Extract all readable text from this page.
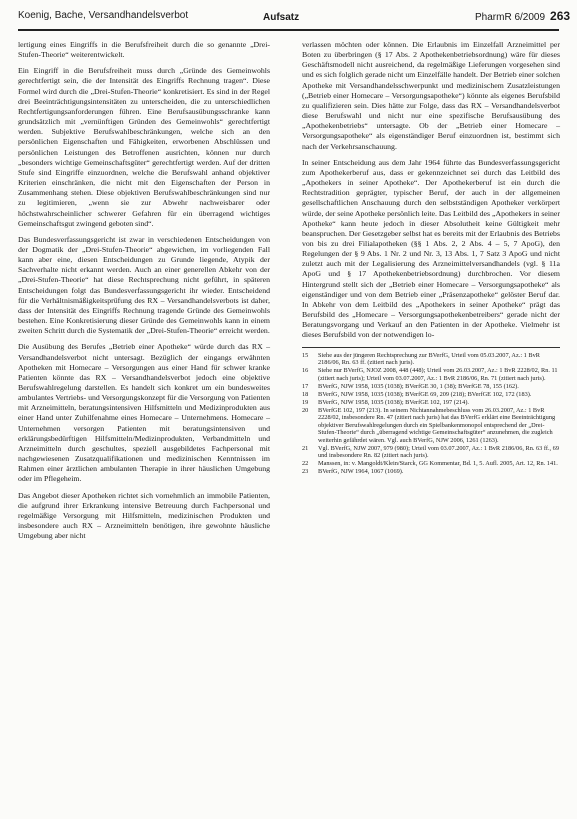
Koenig, Bache, Versandhandelsverbot	Aufsatz	PharmR 6/2009 263

lertigung eines Eingriffs in die Berufsfreiheit durch die so genannte „Drei-Stufen-Theorie“ weiterentwickelt.

Ein Eingriff in die Berufsfreiheit muss durch „Gründe des Gemeinwohls gerechtfertigt sein, die der Intensität des Eingriffs Rechnung tragen“. Diese Formel wird durch die „Drei-Stufen-Theorie“ konkretisiert. Es sind in der Regel drei Beeinträchtigungsintensitäten zu unterscheiden, die zu unterschiedlichen Rechtfertigungsanforderungen führen. Eine Berufsausübungsschranke kann grundsätzlich mit „vernünftigen Gründen des Gemeinwohls“ gerechtfertigt werden. Subjektive Berufswahlbeschränkungen, welche sich an den persönlichen Eigenschaften und Fähigkeiten, erworbenen Abschlüssen und persönlichen Leistungen des Betroffenen ausrichten, können nur durch „besonders wichtige Gemeinschaftsgüter“ gerechtfertigt werden. Auf der dritten Stufe sind Eingriffe einzuordnen, welche die Berufswahl anhand objektiver Kriterien einschränken, die nicht mit den Eigenschaften der Person in Zusammenhang stehen. Diese objektiven Berufswahlbeschränkungen sind nur zu legitimieren, „wenn sie zur Abwehr nachweisbarer oder höchstwahrscheinlicher schwerer Gefahren für ein überragend wichtiges Gemeinschaftsgut zwingend geboten sind“.

Das Bundesverfassungsgericht ist zwar in verschiedenen Entscheidungen von der Dogmatik der „Drei-Stufen-Theorie“ abgewichen, im vorliegenden Fall kann aber eine, diesen Entscheidungen zu Grunde liegende, Atypik der Sachverhalte nicht erkannt werden. Auch an einer generellen Abkehr von der „Drei-Stufen-Theorie“ hat diese Rechtsprechung nicht geführt, in späteren Entscheidungen folgt das Bundesverfassungsgericht ihr wieder. Entscheidend für die Verhältnismäßigkeitsprüfung des RX – Versandhandelsverbots ist daher, dass der Intensität des Eingriffs Rechnung tragende Gründe des Gemeinwohls bestehen. Eine Konkretisierung dieser Gründe des Gemeinwohls kann in einem zweiten Schritt durch die Systematik der „Drei-Stufen-Theorie“ erreicht werden.

Die Ausübung des Berufes „Betrieb einer Apotheke“ würde durch das RX – Versandhandelsverbot nicht untersagt. Bezüglich der eingangs erwähnten Apotheken mit Homecare – Versorgungen aus einer Hand für schwer kranke Patienten könnte das RX – Versandhandelsverbot jedoch eine objektive Berufswahlregelung darstellen. Es handelt sich konkret um ein bundesweites ambulantes Vertriebs- und Versorgungskonzept für die Versorgung von Patienten mit Arzneimitteln, beratungsintensiven Hilfsmitteln und Medizinprodukten aus einer Hand unter Zuhilfenahme eines Homecare – Unternehmens. Homecare – Unternehmen versorgen Patienten mit beratungsintensiven und erklärungsbedürftigen Hilfsmitteln/Medizinprodukten, Verbandmitteln und Arzneimitteln durch geschultes, speziell ausgebildetes Fachpersonal mit nachgewiesenen Zusatzqualifikationen und medizinischen Kenntnissen im Rahmen einer ärztlichen ambulanten Therapie in ihrer häuslichen Umgebung oder im Pflegeheim.

Das Angebot dieser Apotheken richtet sich vornehmlich an immobile Patienten, die aufgrund ihrer Erkrankung intensive Betreuung durch Fachpersonal und regelmäßige Versorgung mit Hilfsmitteln, medizinischen Produkten und insbesondere auch RX – Arzneimitteln benötigen, ihre gewohnte häusliche Umgebung aber nicht

verlassen möchten oder können. Die Erlaubnis im Einzelfall Arzneimittel per Boten zu überbringen (§ 17 Abs. 2 Apothekenbetriebsordnung) wäre für dieses Geschäftsmodell nicht ausreichend, da regelmäßige Lieferungen vorgesehen sind und es sich folglich gerade nicht um Einzelfälle handelt. Der Betrieb einer solchen Apotheke mit Versandhandelsschwerpunkt und medizinischem Zusatzleistungen („Betrieb einer Homecare – Versorgungsapotheke“) könnte als eigenes Berufsbild zu qualifizieren sein. Dies hätte zur Folge, dass das RX – Versandhandelsverbot diese Berufswahl und nicht nur eine spezifische Berufsausübung des „Apothekenbetriebs“ untersagte. Ob der „Betrieb einer Homecare – Versorgungsapotheke“ als eigenständiger Beruf einzuordnen ist, bestimmt sich nach der Verkehrsanschauung.

In seiner Entscheidung aus dem Jahr 1964 führte das Bundesverfassungsgericht zum Apothekerberuf aus, dass er gekennzeichnet sei durch das Leitbild des „Apothekers in seiner Apotheke“. Der Apothekerberuf ist ein durch die Rechtstradition geprägter, typischer Beruf, der auch in der allgemeinen gesellschaftlichen Anschauung durch den selbstständigen Apotheker verkörpert würde, der seine Apotheke persönlich leite. Das Leitbild des „Apothekers in seiner Apotheke“ kann heute jedoch in dieser Absolutheit keine Gültigkeit mehr beanspruchen. Der Gesetzgeber selbst hat es bereits mit der Erlaubnis des Betriebs von bis zu drei Filialapotheken (§§ 1 Abs. 2, 2 Abs. 4 – 5, 7 ApoG), den Regelungen der § 9 Abs. 1 Nr. 2 und Nr. 3, 13 Abs. 1, 7 Satz 3 ApoG und nicht zuletzt auch mit der Legalisierung des Arzneimittelversandhandels (vgl. § 11a ApoG und § 17 Apothekenbetriebsordnung) durchbrochen. Vor diesem Hintergrund stellt sich der „Betrieb einer Homecare – Versorgungsapotheke“ als eigenständiger und von dem Betrieb einer „Präsenzapotheke“ gelöster Beruf dar. In Abkehr von dem Leitbild des „Apothekers in seiner Apotheke“ prägt das Berufsbild des „Homecare – Versorgungsapothekenbetreibers“ gerade nicht der Beratungsvorgang und Verkauf an den Patienten in der Apotheke. Vielmehr ist dieses Berufsbild von der notwendigen lo-

15	Siehe aus der jüngeren Rechtsprechung zur BVerfG, Urteil vom 05.03.2007, Az.: 1 BvR 2186/06, Rn. 63 ff. (zitiert nach juris).
16	Siehe nur BVerfG, NJOZ 2008, 448 (448); Urteil vom 26.03.2007, Az.: 1 BvR 2228/02, Rn. 11 (zitiert nach juris); Urteil vom 03.07.2007, Az.: 1 BvR 2186/06, Rn. 71 (zitiert nach juris).
17	BVerfG, NJW 1958, 1035 (1038); BVerfGE 30, 1 (38); BVerfGE 78, 155 (162).
18	BVerfG, NJW 1958, 1035 (1038); BVerfGE 69, 209 (218); BVerfGE 102, 172 (183).
19	BVerfG, NJW 1958, 1035 (1038); BVerfGE 102, 197 (214).
20	BVerfGE 102, 197 (213). In seinem Nichtannahmebeschluss vom 26.03.2007, Az.: 1 BvR 2228/02, insbesondere Rn. 47 (zitiert nach juris) hat das BVerfG erklärt eine Beeinträchtigung objektiver Berufswahlregelungen durch ein Spielbankenmonopol entsprechend der „Drei-Stufen-Theorie“ durch „überragend wichtige Gemeinschaftsgüter“ anzunehmen, die zugleich weiterhin gefährdet wären. Vgl. auch BVerfG, NJW 2006, 1261 (1263).
21	Vgl. BVerfG, NJW 2007, 979 (980); Urteil vom 03.07.2007, Az.: 1 BvR 2186/06, Rn. 63 ff., 69 und insbesondere Rn. 82 (zitiert nach juris).
22	Manssen, in: v. Mangoldt/Klein/Starck, GG Kommentar, Bd. 1, 5. Aufl. 2005, Art. 12, Rn. 141.
23	BVerfG, NJW 1964, 1067 (1069).
